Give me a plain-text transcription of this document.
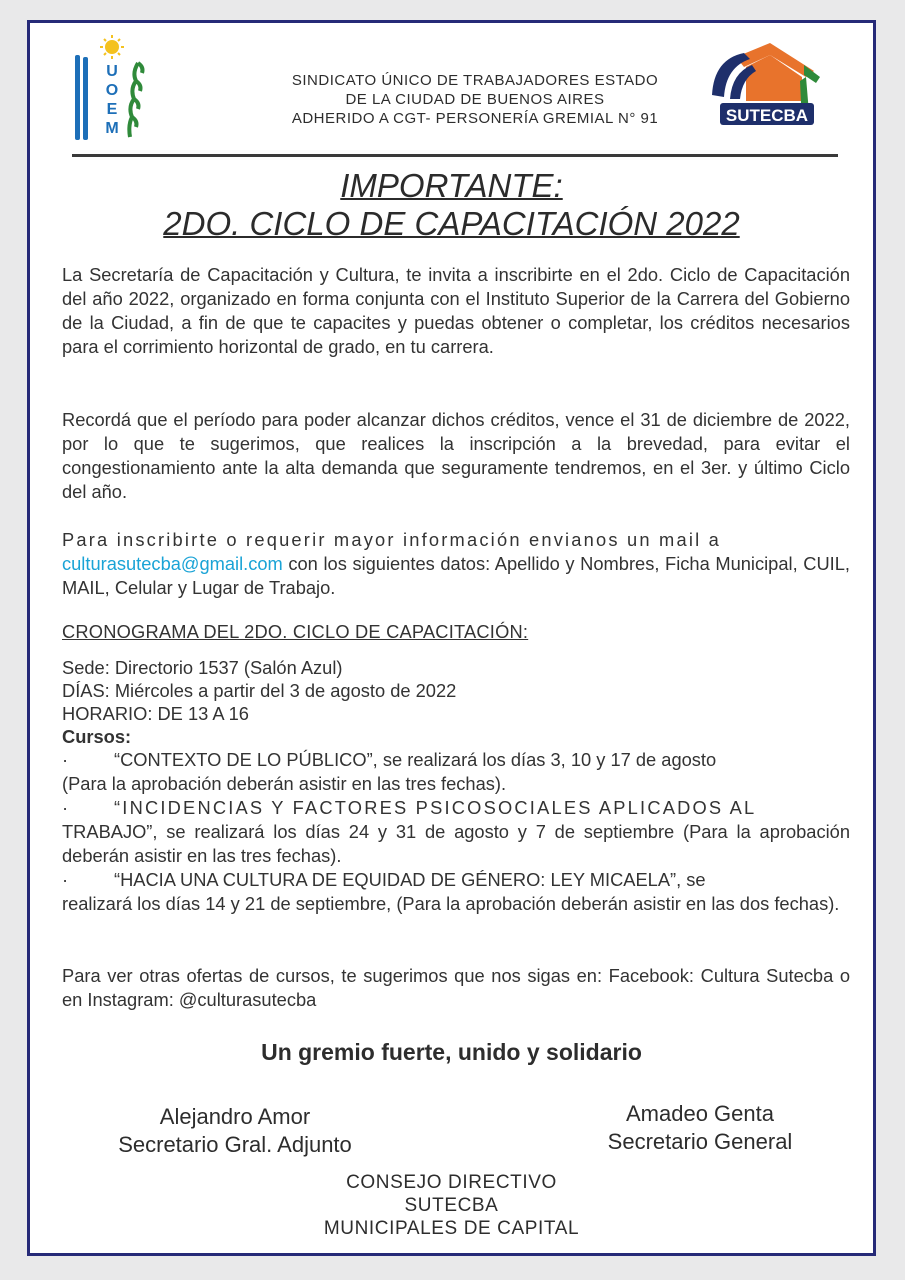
U
O
E
M
SINDICATO ÚNICO DE TRABAJADORES ESTADO
DE LA CIUDAD DE BUENOS AIRES
ADHERIDO A CGT- PERSONERÍA GREMIAL N° 91	SUTECBA
IMPORTANTE:
2DO. CICLO DE CAPACITACIÓN 2022

La Secretaría de Capacitación y Cultura, te invita a inscribirte en el 2do. Ciclo de Capacitación del año 2022, organizado en forma conjunta con el Instituto Superior de la Carrera del Gobierno de la Ciudad, a fin de que te capacites y puedas obtener o completar, los créditos necesarios para el corrimiento horizontal de grado, en tu carrera.

Recordá que el período para poder alcanzar dichos créditos, vence el 31 de diciembre de 2022, por lo que te sugerimos, que realices la inscripción a la brevedad, para evitar el congestionamiento ante la alta demanda que seguramente tendremos, en el 3er. y último Ciclo del año.

Para inscribirte o requerir mayor información envianos un mail a
culturasutecba@gmail.com con los siguientes datos: Apellido y Nombres, Ficha Municipal, CUIL, MAIL, Celular y Lugar de Trabajo.

CRONOGRAMA DEL 2DO. CICLO DE CAPACITACIÓN:
Sede: Directorio 1537 (Salón Azul)
DÍAS: Miércoles a partir del 3 de agosto de 2022
HORARIO: DE 13 A 16
Cursos:

·	“CONTEXTO DE LO PÚBLICO”, se realizará los días 3, 10 y 17 de agosto
(Para la aprobación deberán asistir en las tres fechas).

·	“INCIDENCIAS Y FACTORES PSICOSOCIALES APLICADOS AL
TRABAJO”, se realizará los días 24 y 31 de agosto y 7 de septiembre (Para la aprobación deberán asistir en las tres fechas).

·	“HACIA UNA CULTURA DE EQUIDAD DE GÉNERO: LEY MICAELA”, se
realizará los días 14 y 21 de septiembre, (Para la aprobación deberán asistir en las dos fechas).

Para ver otras ofertas de cursos, te sugerimos que nos sigas en: Facebook: Cultura Sutecba o en Instagram: @culturasutecba

Un gremio fuerte, unido y solidario
Alejandro Amor
Secretario Gral. Adjunto
Amadeo Genta
Secretario General
CONSEJO DIRECTIVO
SUTECBA
MUNICIPALES DE CAPITAL
